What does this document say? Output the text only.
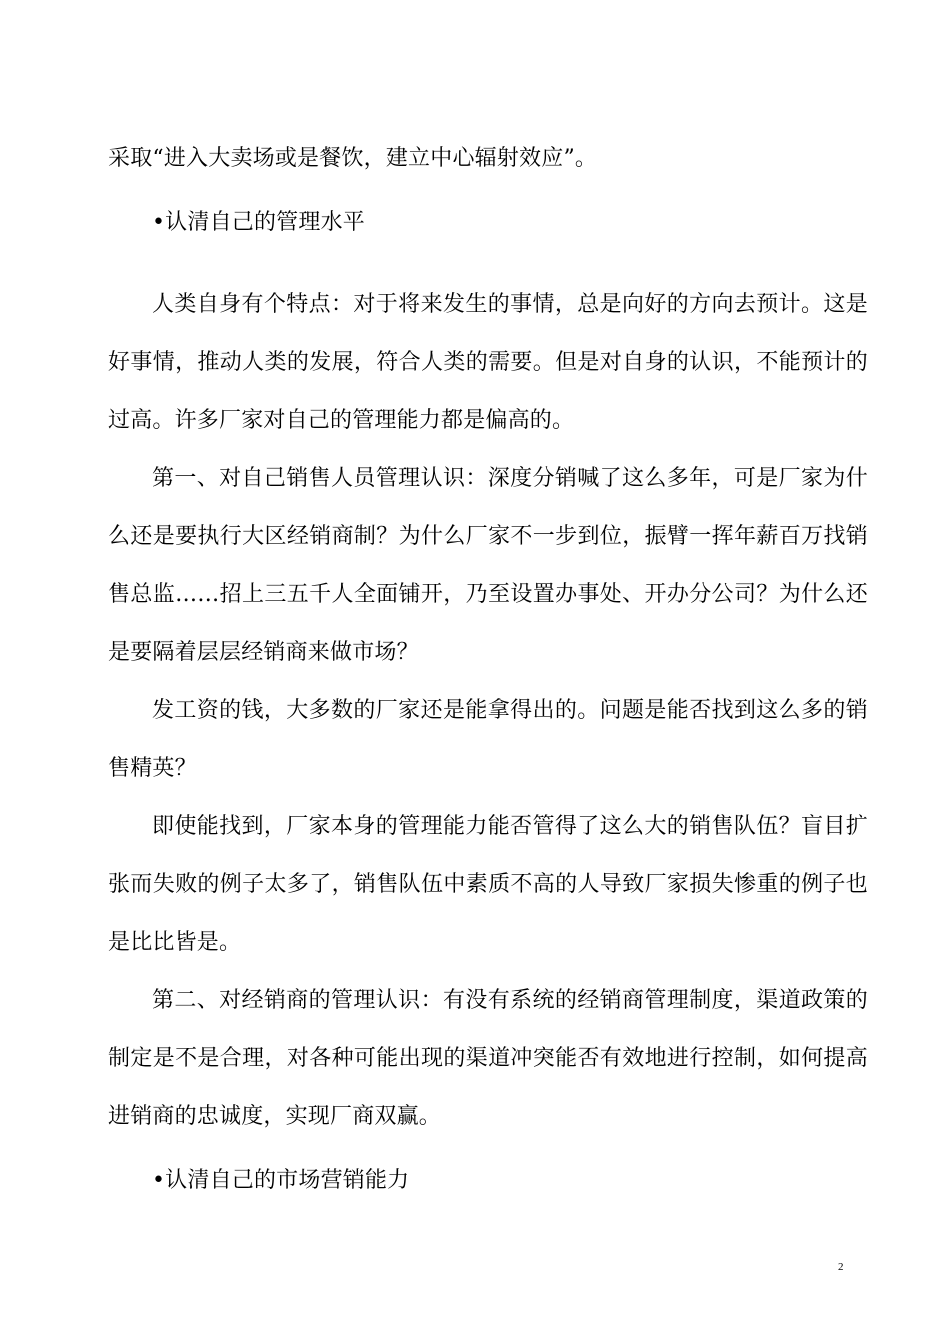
采取“进入大卖场或是餐饮，建立中心辐射效应”。
•认清自己的管理水平
人类自身有个特点：对于将来发生的事情，总是向好的方向去预计。这是
好事情，推动人类的发展，符合人类的需要。但是对自身的认识，不能预计的
过高。许多厂家对自己的管理能力都是偏高的。
第一、对自己销售人员管理认识：深度分销喊了这么多年，可是厂家为什
么还是要执行大区经销商制？为什么厂家不一步到位，振臂一挥年薪百万找销
售总监……招上三五千人全面铺开，乃至设置办事处、开办分公司？为什么还
是要隔着层层经销商来做市场？
发工资的钱，大多数的厂家还是能拿得出的。问题是能否找到这么多的销
售精英？
即使能找到，厂家本身的管理能力能否管得了这么大的销售队伍？盲目扩
张而失败的例子太多了，销售队伍中素质不高的人导致厂家损失惨重的例子也
是比比皆是。
第二、对经销商的管理认识：有没有系统的经销商管理制度，渠道政策的
制定是不是合理，对各种可能出现的渠道冲突能否有效地进行控制，如何提高
进销商的忠诚度，实现厂商双赢。
•认清自己的市场营销能力
2
